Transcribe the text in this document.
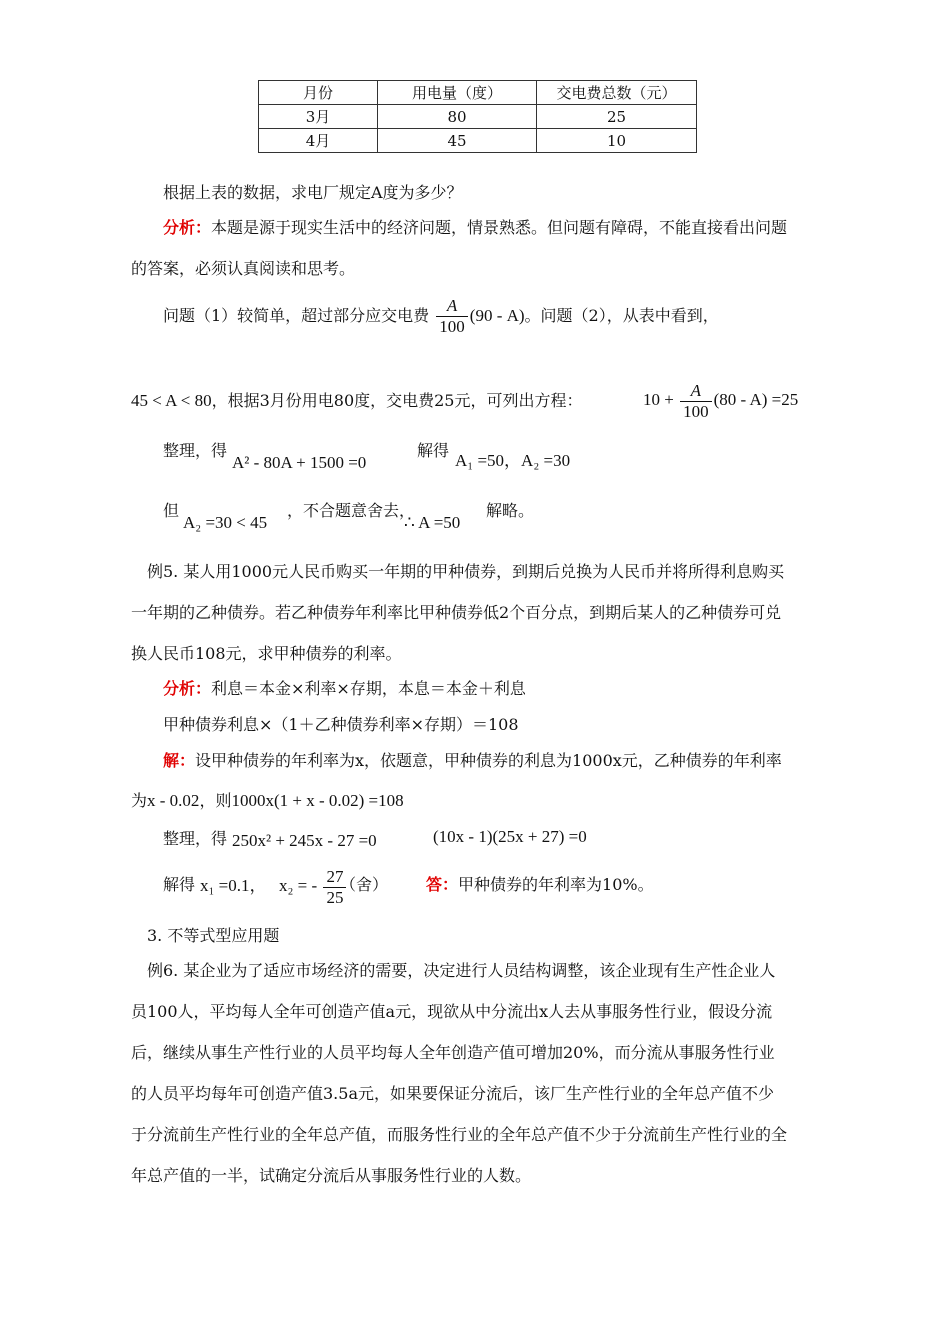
月份	用电量（度）	交电费总数（元）
3月	80	25
4月	45	10
根据上表的数据，求电厂规定A度为多少？
分析：本题是源于现实生活中的经济问题，情景熟悉。但问题有障碍，不能直接看出问题
的答案，必须认真阅读和思考。
问题（1）较简单，超过部分应交电费 $\frac{A}{100} (90 - A)$。问题（2），从表中看到，
45 < A < 80，根据3月份用电80度，交电费25元，可列出方程：	$10 + \frac{A}{100} (80 - A) =25$
整理，得
A² - 80A + 1500 =0
解得
A₁ =50，A₂ =30
但
A₂ =30 < 45
，不合题意舍去，
∴ A =50
解略。
例5. 某人用1000元人民币购买一年期的甲种债券，到期后兑换为人民币并将所得利息购买
一年期的乙种债券。若乙种债券年利率比甲种债券低2个百分点，到期后某人的乙种债券可兑
换人民币108元，求甲种债券的利率。
分析：利息＝本金×利率×存期，本息＝本金＋利息
甲种债券利息×（1＋乙种债券利率×存期）＝108
解：设甲种债券的年利率为x，依题意，甲种债券的利息为1000x元，乙种债券的年利率
为x - 0.02，则1000x(1 + x - 0.02) =108
整理，得 250x² + 245x - 27 =0	(10x - 1)(25x + 27) =0
解得 x₁ =0.1， x₂ = - $\frac{27}{25}$
（舍） 答：甲种债券的年利率为10%。
3. 不等式型应用题
例6. 某企业为了适应市场经济的需要，决定进行人员结构调整，该企业现有生产性企业人
员100人，平均每人全年可创造产值a元，现欲从中分流出x人去从事服务性行业，假设分流
后，继续从事生产性行业的人员平均每人全年创造产值可增加20%，而分流从事服务性行业
的人员平均每年可创造产值3.5a元，如果要保证分流后，该厂生产性行业的全年总产值不少
于分流前生产性行业的全年总产值，而服务性行业的全年总产值不少于分流前生产性行业的全
年总产值的一半，试确定分流后从事服务性行业的人数。
